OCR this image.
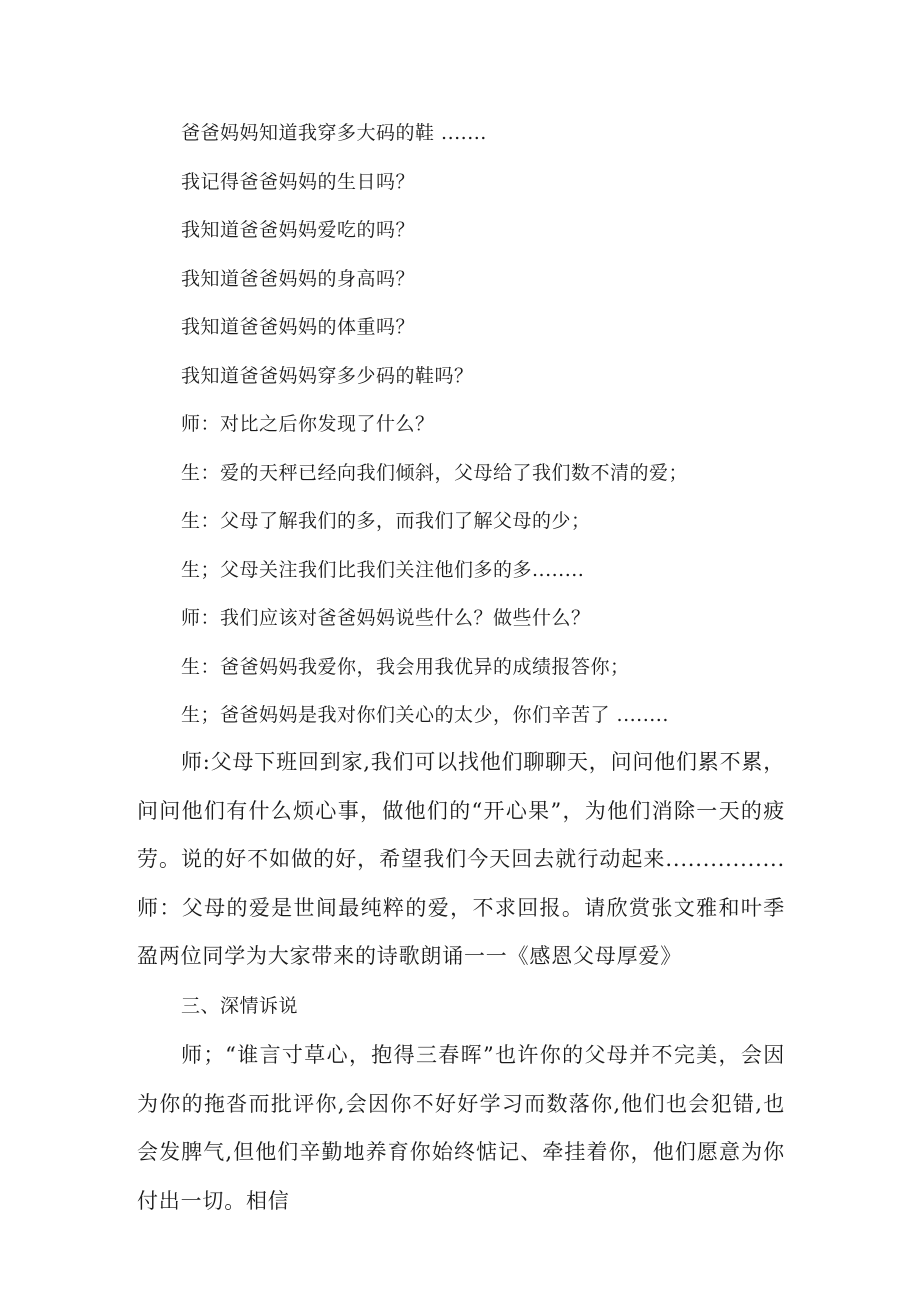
爸爸妈妈知道我穿多大码的鞋 .......
我记得爸爸妈妈的生日吗？
我知道爸爸妈妈爱吃的吗？
我知道爸爸妈妈的身高吗？
我知道爸爸妈妈的体重吗？
我知道爸爸妈妈穿多少码的鞋吗？
师：对比之后你发现了什么？
生：爱的天秤已经向我们倾斜，父母给了我们数不清的爱；
生：父母了解我们的多，而我们了解父母的少；
生；父母关注我们比我们关注他们多的多........
师：我们应该对爸爸妈妈说些什么？做些什么？
生：爸爸妈妈我爱你，我会用我优异的成绩报答你；
生；爸爸妈妈是我对你们关心的太少，你们辛苦了 ........
师:父母下班回到家,我们可以找他们聊聊天，问问他们累不累，问问他们有什么烦心事，做他们的“开心果”，为他们消除一天的疲劳。说的好不如做的好，希望我们今天回去就行动起来................师：父母的爱是世间最纯粹的爱，不求回报。请欣赏张文雅和叶季盈两位同学为大家带来的诗歌朗诵一一《感恩父母厚爱》
三、深情诉说
师；“谁言寸草心，抱得三春晖”也许你的父母并不完美，会因为你的拖沓而批评你,会因你不好好学习而数落你,他们也会犯错,也会发脾气,但他们辛勤地养育你始终惦记、牵挂着你，他们愿意为你付出一切。相信
